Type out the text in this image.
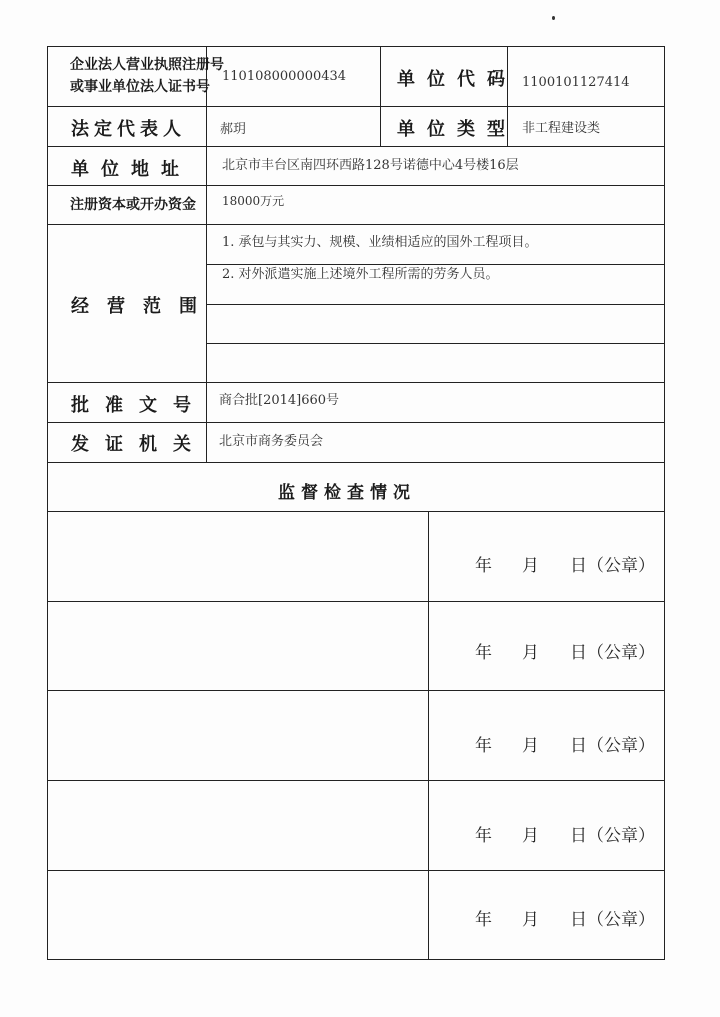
企业法人营业执照注册号
或事业单位法人证书号
110108000000434	单位代码 1100101127414
法定代表人	郝玥	单位类型 非工程建设类
单位地址 北京市丰台区南四环西路128号诺德中心4号楼16层
注册资本或开办资金 18000万元
经营范围
1. 承包与其实力、规模、业绩相适应的国外工程项目。
2. 对外派遣实施上述境外工程所需的劳务人员。
批准文号 商合批[2014]660号
发证机关 北京市商务委员会
监督检查情况
年 月 日（公章）
年 月 日（公章）
年 月 日（公章）
年 月 日（公章）
年 月 日（公章）
